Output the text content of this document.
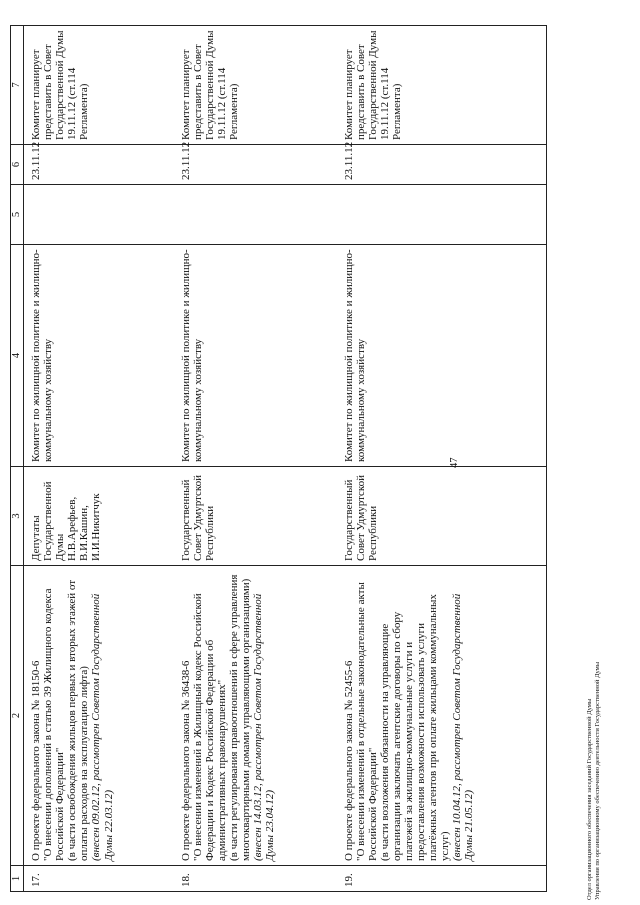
1	2	3	4	5	6	7
17.	О проекте федерального закона № 18150-6 "О внесении дополнений в статью 39 Жилищного кодекса Российской Федерации" (в части освобождения жильцов первых и вторых этажей от оплаты расходов на эксплуатацию лифта) (внесен 09.02.12, рассмотрен Советом Государственной Думы 22.03.12)	Депутаты Государственной Думы Н.В.Арефьев, В.И.Кашин, И.И.Никитчук	Комитет по жилищной политике и жилищно-коммунальному хозяйству		23.11.12	Комитет планирует представить в Совет Государственной Думы 19.11.12 (ст.114 Регламента)
18.	О проекте федерального закона № 36438-6 "О внесении изменений в Жилищный кодекс Российской Федерации и Кодекс Российской Федерации об административных правонарушениях" (в части регулирования правоотношений в сфере управления многоквартирными домами управляющими организациями) (внесен 14.03.12, рассмотрен Советом Государственной Думы 23.04.12)	Государственный Совет Удмуртской Республики	Комитет по жилищной политике и жилищно-коммунальному хозяйству		23.11.12	Комитет планирует представить в Совет Государственной Думы 19.11.12 (ст.114 Регламента)
19.	О проекте федерального закона № 52455-6 "О внесении изменений в отдельные законодательные акты Российской Федерации" (в части возложения обязанности на управляющие организации заключать агентские договоры по сбору платежей за жилищно-коммунальные услуги и предоставления возможности использовать услуги платёжных агентов при оплате жильцами коммунальных услуг) (внесен 10.04.12, рассмотрен Советом Государственной Думы 21.05.12)	Государственный Совет Удмуртской Республики	Комитет по жилищной политике и жилищно-коммунальному хозяйству		23.11.12	Комитет планирует представить в Совет Государственной Думы 19.11.12 (ст.114 Регламента)
47
Отдел организационного обеспечения заседаний Государственной Думы Управления по организационному обеспечению деятельности Государственной Думы
